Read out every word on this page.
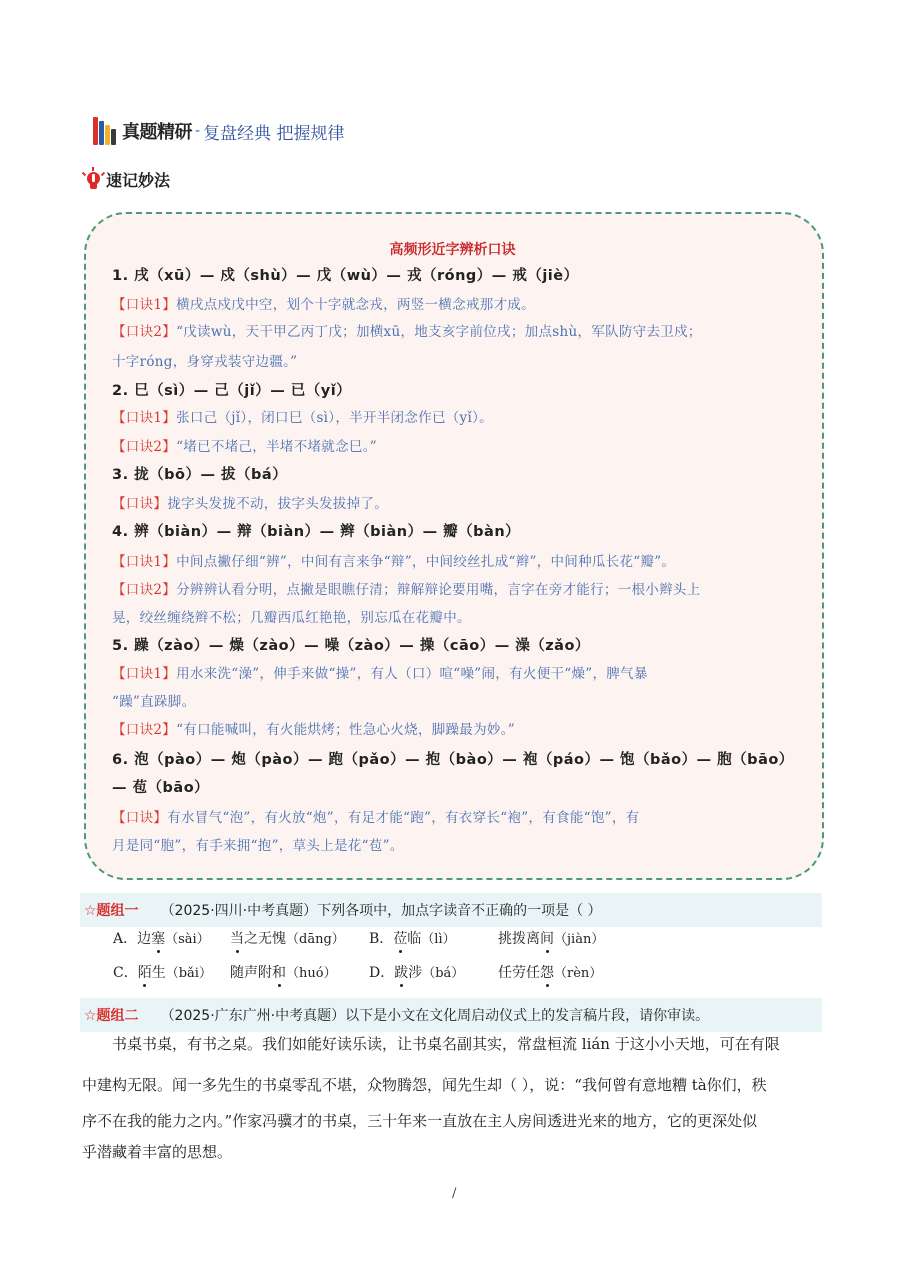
真题精研 - 复盘经典 把握规律
速记妙法
高频形近字辨析口诀
1. 戌（xū）— 戍（shù）— 戊（wù）— 戎（róng）— 戒（jiè）
【口诀1】横戌点戍戊中空，划个十字就念戎，两竖一横念戒那才成。
【口诀2】“戊读wù，天干甲乙丙丁戊；加横xū，地支亥字前位戌；加点shù，军队防守去卫戍；
十字róng，身穿戎装守边疆。”
2. 巳（sì）— 己（jǐ）— 已（yǐ）
【口诀1】张口己（jǐ），闭口巳（sì），半开半闭念作已（yǐ）。
【口诀2】“堵已不堵己，半堵不堵就念巳。”
3. 拢（bō）— 拔（bá）
【口诀】拢字头发拢不动，拔字头发拔掉了。
4. 辨（biàn）— 辩（biàn）— 辫（biàn）— 瓣（bàn）
【口诀1】中间点撇仔细“辨”，中间有言来争“辩”，中间绞丝扎成“辫”，中间种瓜长花“瓣”。
【口诀2】分辨辨认看分明，点撇是眼瞧仔清；辩解辩论要用嘴，言字在旁才能行；一根小辫头上
晃，绞丝缠绕辫不松；几瓣西瓜红艳艳，别忘瓜在花瓣中。
5. 躁（zào）— 燥（zào）— 噪（zào）— 操（cāo）— 澡（zǎo）
【口诀1】用水来洗“澡”，伸手来做“操”，有人（口）喧“噪”闹，有火便干“燥”，脾气暴
“躁”直跺脚。
【口诀2】“有口能喊叫，有火能烘烤；性急心火烧，脚躁最为妙。”
6. 泡（pào）— 炮（pào）— 跑（pǎo）— 抱（bào）— 袍（páo）— 饱（bǎo）— 胞（bāo）
— 苞（bāo）
【口诀】有水冒气“泡”，有火放“炮”，有足才能“跑”，有衣穿长“袍”，有食能“饱”，有
月是同“胞”，有手来拥“抱”，草头上是花“苞”。
☆题组一 （2025·四川·中考真题）下列各项中，加点字读音不正确的一项是（ ）
A．边塞（sài） 当之无愧（dāng） B．莅临（lì）	挑拨离间（jiàn）
C．陌生（bǎi） 随声附和（huó） D．跋涉（bá） 任劳任怨（rèn）
☆题组二 （2025·广东广州·中考真题）以下是小文在文化周启动仪式上的发言稿片段，请你审读。
书桌书桌，有书之桌。我们如能好读乐读，让书桌名副其实，常盘桓流 lián 于这小小天地，可在有限
中建构无限。闻一多先生的书桌零乱不堪，众物腾怨，闻先生却（ ），说：“我何曾有意地糟 tà你们，秩
序不在我的能力之内。”作家冯骥才的书桌，三十年来一直放在主人房间透进光来的地方，它的更深处似
乎潜藏着丰富的思想。
/
